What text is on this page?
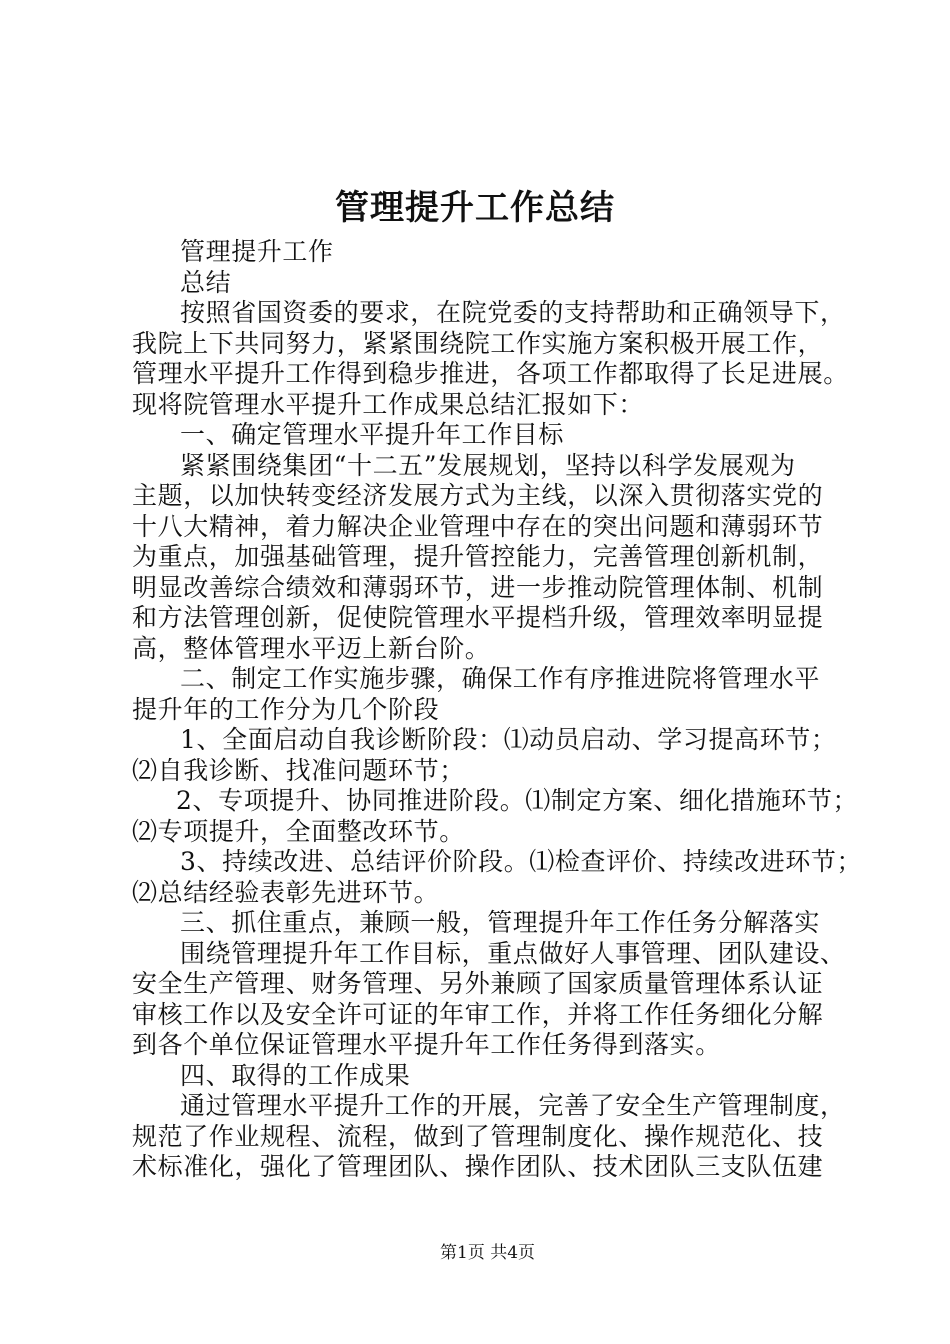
管理提升工作总结
管理提升工作
总结
按照省国资委的要求，在院党委的支持帮助和正确领导下，
我院上下共同努力，紧紧围绕院工作实施方案积极开展工作，
管理水平提升工作得到稳步推进，各项工作都取得了长足进展。
现将院管理水平提升工作成果总结汇报如下：
一、确定管理水平提升年工作目标
紧紧围绕集团“十二五”发展规划，坚持以科学发展观为
主题，以加快转变经济发展方式为主线，以深入贯彻落实党的
十八大精神，着力解决企业管理中存在的突出问题和薄弱环节
为重点，加强基础管理，提升管控能力，完善管理创新机制，
明显改善综合绩效和薄弱环节，进一步推动院管理体制、机制
和方法管理创新，促使院管理水平提档升级，管理效率明显提
高，整体管理水平迈上新台阶。
二、制定工作实施步骤，确保工作有序推进院将管理水平
提升年的工作分为几个阶段
1、全面启动自我诊断阶段：⑴动员启动、学习提高环节；
⑵自我诊断、找准问题环节；
2、专项提升、协同推进阶段。⑴制定方案、细化措施环节；
⑵专项提升，全面整改环节。
3、持续改进、总结评价阶段。⑴检查评价、持续改进环节；
⑵总结经验表彰先进环节。
三、抓住重点，兼顾一般，管理提升年工作任务分解落实
围绕管理提升年工作目标，重点做好人事管理、团队建设、
安全生产管理、财务管理、另外兼顾了国家质量管理体系认证
审核工作以及安全许可证的年审工作，并将工作任务细化分解
到各个单位保证管理水平提升年工作任务得到落实。
四、取得的工作成果
通过管理水平提升工作的开展，完善了安全生产管理制度，
规范了作业规程、流程，做到了管理制度化、操作规范化、技
术标准化，强化了管理团队、操作团队、技术团队三支队伍建
第1页 共4页
